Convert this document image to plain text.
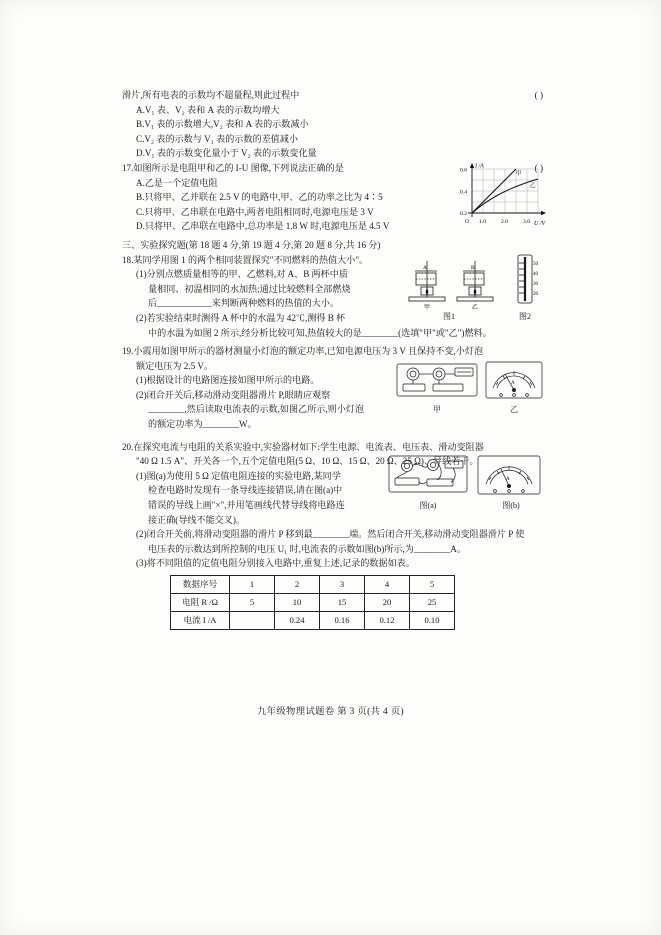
滑片,所有电表的示数均不超量程,则此过程中	( )
A.V₁ 表、V₂ 表和 A 表的示数均增大
B.V₁ 表的示数增大,V₂ 表和 A 表的示数减小
C.V₂ 表的示数与 V₁ 表的示数的差值减小
D.V₁ 表的示数变化量小于 V₂ 表的示数变化量
17.如图所示是电阻甲和乙的 I-U 图像,下列说法正确的是	( )
A.乙是一个定值电阻
B.只将甲、乙并联在 2.5 V 的电路中,甲、乙的功率之比为 4∶5
C.只将甲、乙串联在电路中,两者电阻相同时,电源电压是 3 V
D.只将甲、乙串联在电路中,总功率是 1.8 W 时,电源电压是 4.5 V
I /A
U /V
0.6
0.4
0.2
O 1.0	2.0	3.0
甲
乙
三、实验探究题(第 18 题 4 分,第 19 题 4 分,第 20 题 8 分,共 16 分)
18.某同学用图 1 的两个相同装置探究"不同燃料的热值大小"。
(1)分别点燃质量相等的甲、乙燃料,对 A、B 两杯中质
量相同、初温相同的水加热;通过比较燃料全部燃烧
后____________来判断两种燃料的热值的大小。
(2)若实验结束时测得 A 杯中的水温为 42℃,测得 B 杯
中的水温为如图 2 所示,经分析比较可知,热值较大的是________(选填"甲"或"乙")燃料。
A	B
甲	乙
图1
50
40
30
20
图2
19.小霞用如图甲所示的器材测量小灯泡的额定功率,已知电源电压为 3 V 且保持不变,小灯泡
额定电压为 2.5 V。
(1)根据设计的电路图连接如图甲所示的电路。
(2)闭合开关后,移动滑动变阻器滑片 P,眼睛应观察
________,然后读取电流表的示数,如图乙所示,则小灯泡
的额定功率为________W。
甲
A
乙
20.在探究电流与电阻的关系实验中,实验器材如下:学生电源、电流表、电压表、滑动变阻器
"40 Ω 1.5 A"、开关各一个,五个定值电阻(5 Ω、10 Ω、15 Ω、20 Ω、25 Ω)、导线若干。
(1)图(a)为使用 5 Ω 定值电阻连接的实验电路,某同学
检查电路时发现有一条导线连接错误,请在图(a)中
错误的导线上画"×",并用笔画线代替导线将电路连
接正确(导线不能交叉)。
(2)闭合开关前,将滑动变阻器的滑片 P 移到最________端。然后闭合开关,移动滑动变阻器滑片 P 使
电压表的示数达到所控制的电压 U₁ 时,电流表的示数如图(b)所示,为________A。
(3)将不同阻值的定值电阻分别接入电路中,重复上述,记录的数据如表。
图(a)
A
图(b)
数据序号	1	2	3	4	5
电阻 R /Ω	5	10	15	20	25
电流 I /A		0.24	0.16	0.12	0.10
九年级物理试题卷 第 3 页(共 4 页)
